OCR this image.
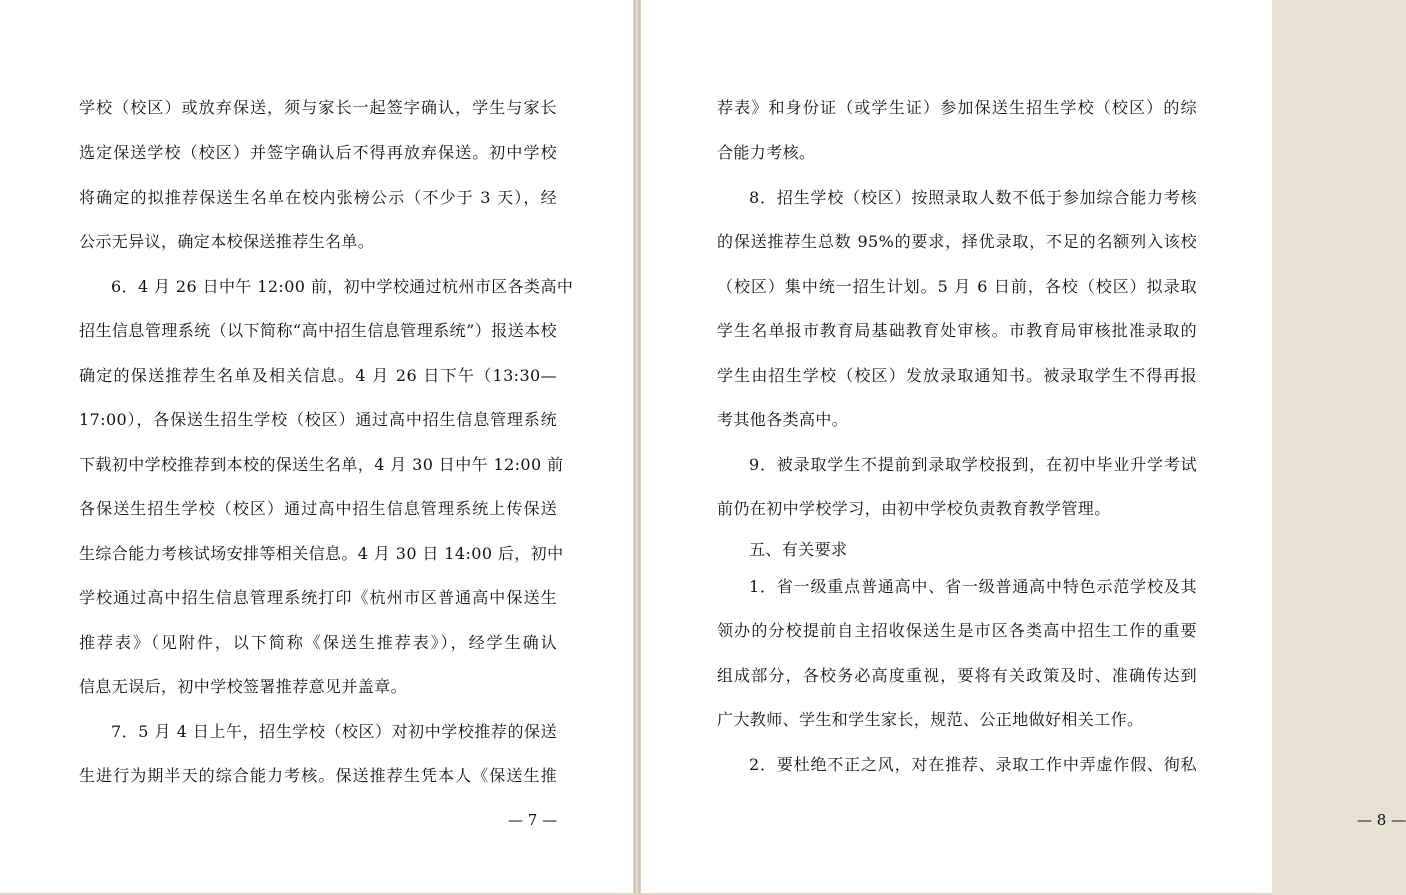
学校（校区）或放弃保送，须与家长一起签字确认，学生与家长
选定保送学校（校区）并签字确认后不得再放弃保送。初中学校
将确定的拟推荐保送生名单在校内张榜公示（不少于 3 天），经
公示无异议，确定本校保送推荐生名单。
6．4 月 26 日中午 12:00 前，初中学校通过杭州市区各类高中
招生信息管理系统（以下简称“高中招生信息管理系统”）报送本校
确定的保送推荐生名单及相关信息。4 月 26 日下午（13:30—
17:00），各保送生招生学校（校区）通过高中招生信息管理系统
下载初中学校推荐到本校的保送生名单，4 月 30 日中午 12:00 前
各保送生招生学校（校区）通过高中招生信息管理系统上传保送
生综合能力考核试场安排等相关信息。4 月 30 日 14:00 后，初中
学校通过高中招生信息管理系统打印《杭州市区普通高中保送生
推荐表》（见附件，以下简称《保送生推荐表》），经学生确认
信息无误后，初中学校签署推荐意见并盖章。
7．5 月 4 日上午，招生学校（校区）对初中学校推荐的保送
生进行为期半天的综合能力考核。保送推荐生凭本人《保送生推
— 7 —
荐表》和身份证（或学生证）参加保送生招生学校（校区）的综
合能力考核。
8．招生学校（校区）按照录取人数不低于参加综合能力考核
的保送推荐生总数 95%的要求，择优录取，不足的名额列入该校
（校区）集中统一招生计划。5 月 6 日前，各校（校区）拟录取
学生名单报市教育局基础教育处审核。市教育局审核批准录取的
学生由招生学校（校区）发放录取通知书。被录取学生不得再报
考其他各类高中。
9．被录取学生不提前到录取学校报到，在初中毕业升学考试
前仍在初中学校学习，由初中学校负责教育教学管理。
五、有关要求
1．省一级重点普通高中、省一级普通高中特色示范学校及其
领办的分校提前自主招收保送生是市区各类高中招生工作的重要
组成部分，各校务必高度重视，要将有关政策及时、准确传达到
广大教师、学生和学生家长，规范、公正地做好相关工作。
2．要杜绝不正之风，对在推荐、录取工作中弄虚作假、徇私
— 8 —
